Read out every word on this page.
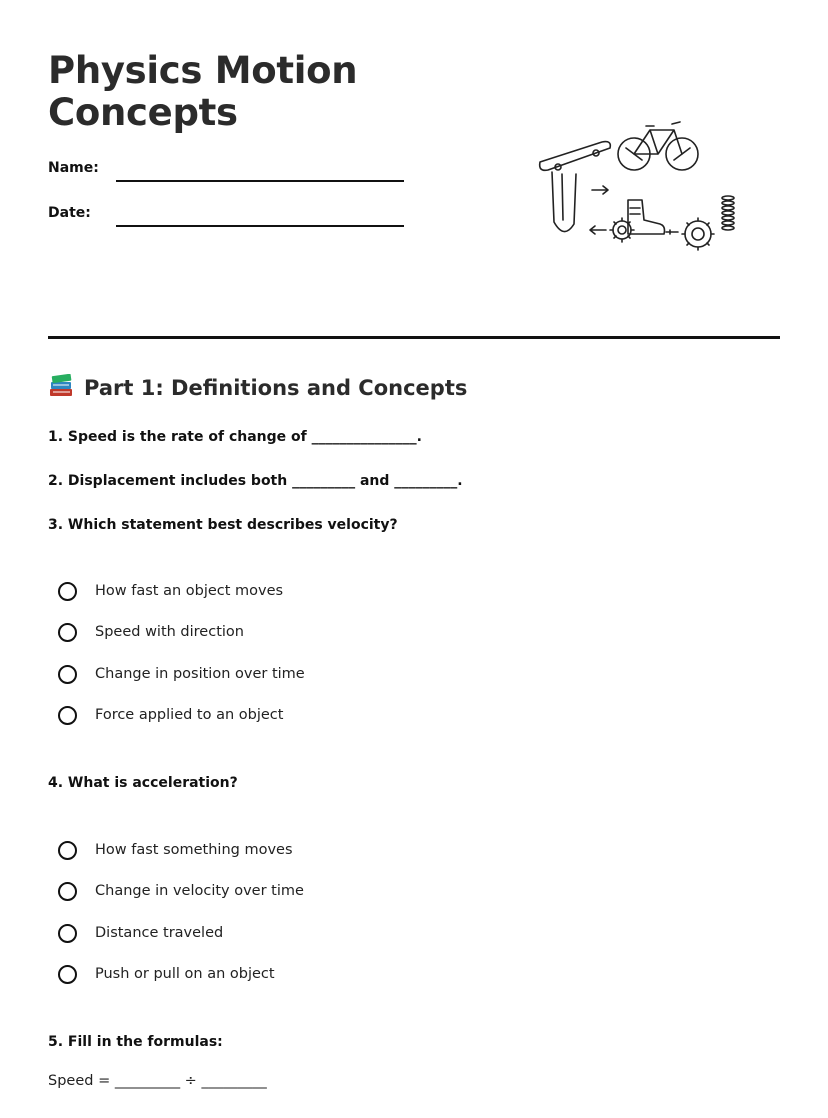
Physics Motion
Concepts
Name:
Date:
Part 1: Definitions and Concepts
1. Speed is the rate of change of _______________.
2. Displacement includes both _________ and _________.
3. Which statement best describes velocity?
How fast an object moves
Speed with direction
Change in position over time
Force applied to an object
4. What is acceleration?
How fast something moves
Change in velocity over time
Distance traveled
Push or pull on an object
5. Fill in the formulas:
Speed = _________ ÷ _________
